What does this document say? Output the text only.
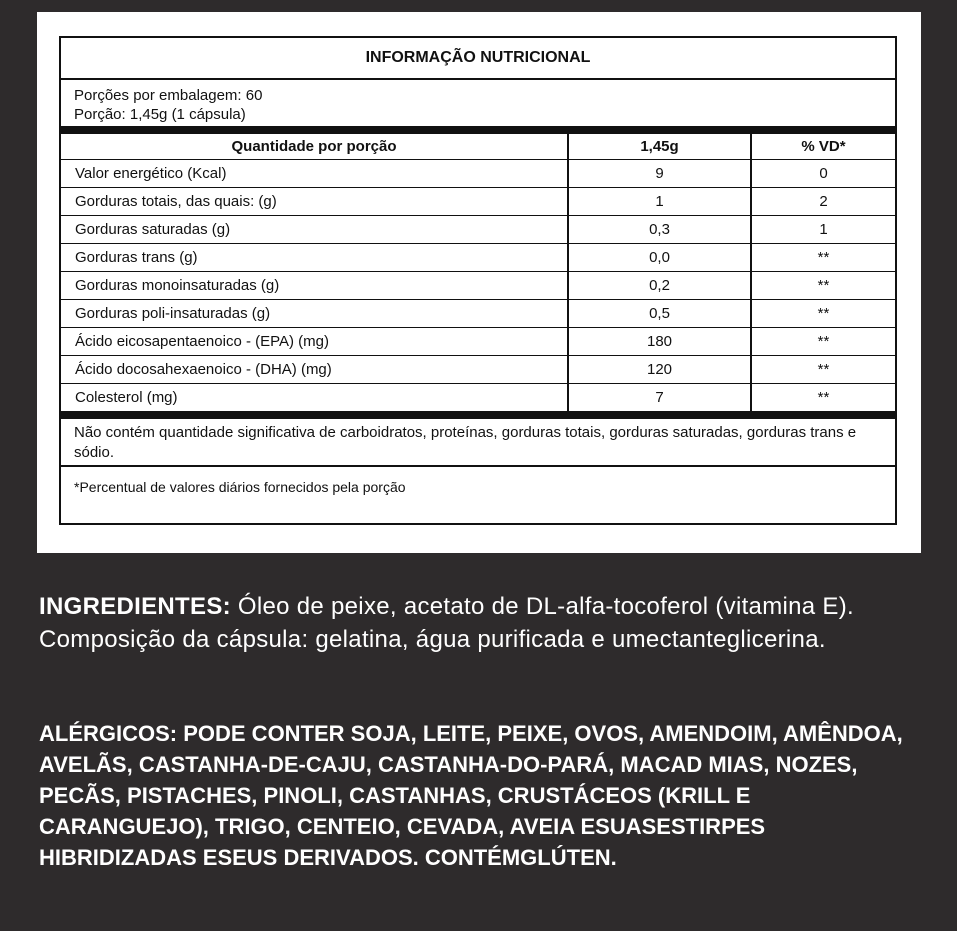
INFORMAÇÃO NUTRICIONAL
Porções por embalagem: 60
Porção: 1,45g (1 cápsula)
Quantidade por porção	1,45g	% VD*
Valor energético (Kcal)	9	0
Gorduras totais, das quais: (g)	1	2
Gorduras saturadas (g)	0,3	1
Gorduras trans (g)	0,0	**
Gorduras monoinsaturadas (g)	0,2	**
Gorduras poli-insaturadas (g)	0,5	**
Ácido eicosapentaenoico - (EPA) (mg)	180	**
Ácido docosahexaenoico - (DHA) (mg)	120	**
Colesterol (mg)	7	**
Não contém quantidade significativa de carboidratos, proteínas, gorduras totais, gorduras saturadas, gorduras trans e sódio.
*Percentual de valores diários fornecidos pela porção
INGREDIENTES: Óleo de peixe, acetato de DL-alfa-tocoferol (vitamina E). Composição da cápsula: gelatina, água purificada e umectanteglicerina.
ALÉRGICOS: PODE CONTER SOJA, LEITE, PEIXE, OVOS, AMENDOIM, AMÊNDOA, AVELÃS, CASTANHA-DE-CAJU, CASTANHA-DO-PARÁ, MACAD MIAS, NOZES, PECÃS, PISTACHES, PINOLI, CASTANHAS, CRUSTÁCEOS (KRILL E CARANGUEJO), TRIGO, CENTEIO, CEVADA, AVEIA ESUASESTIRPES HIBRIDIZADAS ESEUS DERIVADOS. CONTÉMGLÚTEN.
